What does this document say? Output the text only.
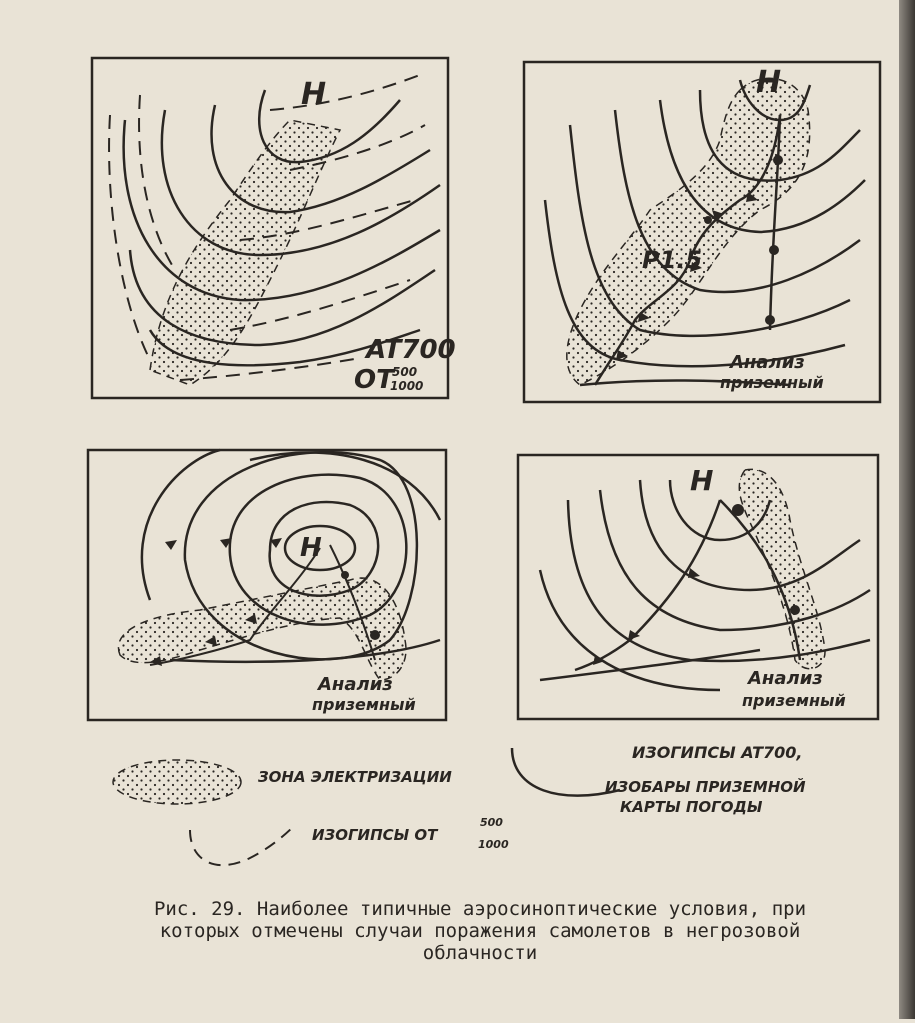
Н
AT700
OT
500
1000
Н
P1.5
Анализ
приземный
Н
Анализ
приземный
Н
Анализ
приземный
ЗОНА ЭЛЕКТРИЗАЦИИ
ИЗОГИПСЫ AT700,
ИЗОБАРЫ ПРИЗЕМНОЙ
КАРТЫ ПОГОДЫ
ИЗОГИПСЫ OT
500
1000
Рис. 29. Наиболее типичные аэросиноптические условия, при
которых отмечены случаи поражения самолетов в негрозовой
облачности
